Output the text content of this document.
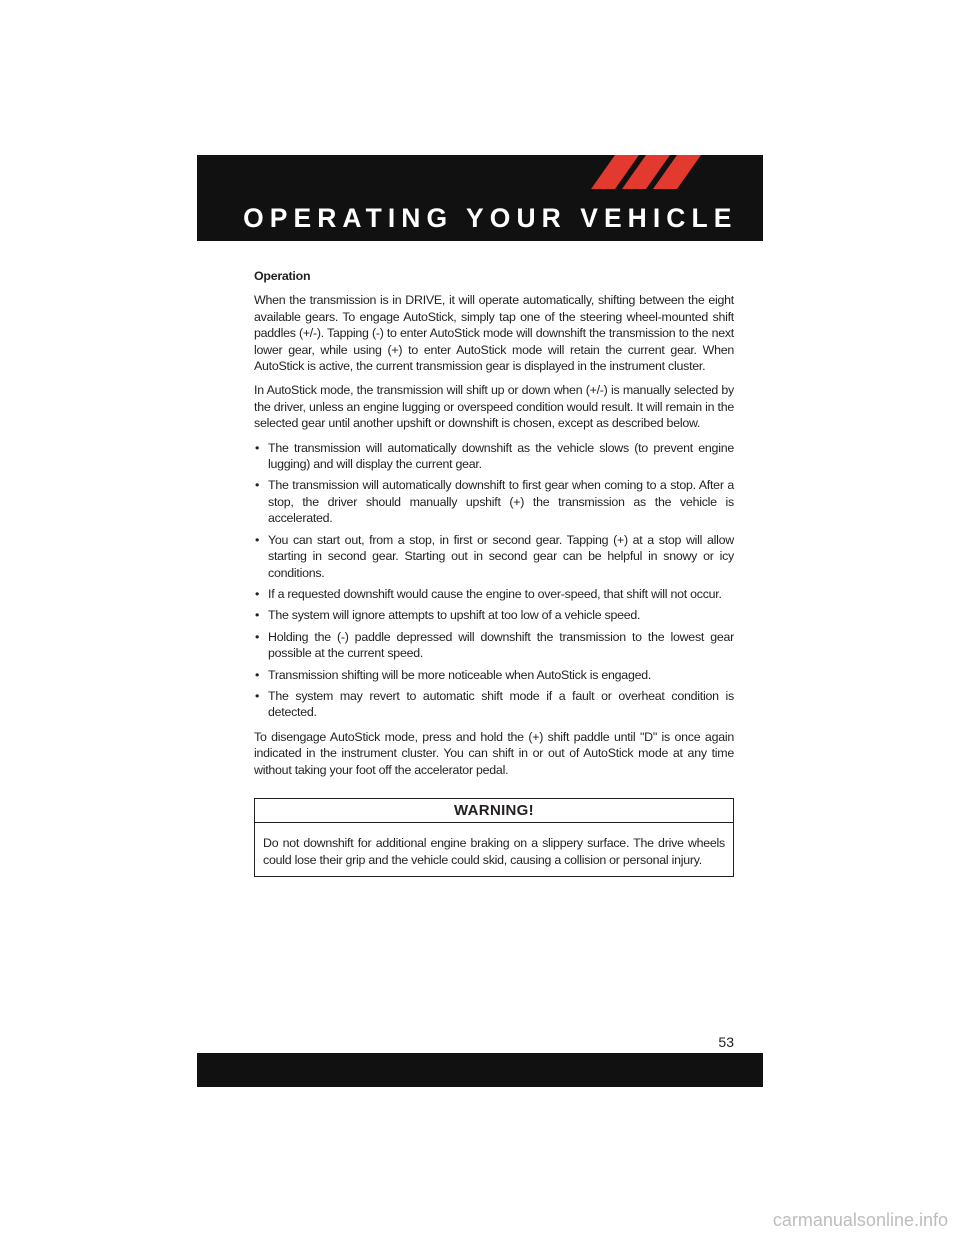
OPERATING YOUR VEHICLE
Operation

When the transmission is in DRIVE, it will operate automatically, shifting between the eight available gears. To engage AutoStick, simply tap one of the steering wheel-mounted shift paddles (+/-). Tapping (-) to enter AutoStick mode will downshift the transmission to the next lower gear, while using (+) to enter AutoStick mode will retain the current gear. When AutoStick is active, the current transmission gear is displayed in the instrument cluster.

In AutoStick mode, the transmission will shift up or down when (+/-) is manually selected by the driver, unless an engine lugging or overspeed condition would result. It will remain in the selected gear until another upshift or downshift is chosen, except as described below.

• The transmission will automatically downshift as the vehicle slows (to prevent engine lugging) and will display the current gear.
• The transmission will automatically downshift to first gear when coming to a stop. After a stop, the driver should manually upshift (+) the transmission as the vehicle is accelerated.
• You can start out, from a stop, in first or second gear. Tapping (+) at a stop will allow starting in second gear. Starting out in second gear can be helpful in snowy or icy conditions.
• If a requested downshift would cause the engine to over-speed, that shift will not occur.
• The system will ignore attempts to upshift at too low of a vehicle speed.
• Holding the (-) paddle depressed will downshift the transmission to the lowest gear possible at the current speed.
• Transmission shifting will be more noticeable when AutoStick is engaged.
• The system may revert to automatic shift mode if a fault or overheat condition is detected.

To disengage AutoStick mode, press and hold the (+) shift paddle until "D" is once again indicated in the instrument cluster. You can shift in or out of AutoStick mode at any time without taking your foot off the accelerator pedal.

WARNING!
Do not downshift for additional engine braking on a slippery surface. The drive wheels could lose their grip and the vehicle could skid, causing a collision or personal injury.
53
carmanualsonline.info
